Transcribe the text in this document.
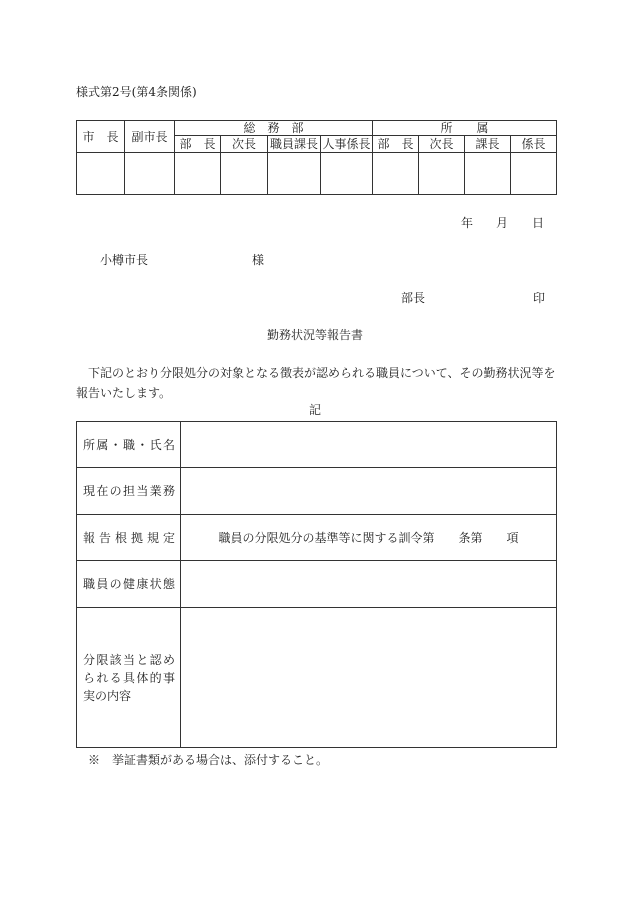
様式第2号(第4条関係)
市　長	副市長	総　務　部				所　　属			
		部　長	次長	職員課長	人事係長	部　長	次長	課長	係長

年 月 日
小樽市長	様
部長	印
勤務状況等報告書
下記のとおり分限処分の対象となる徴表が認められる職員について、その勤務状況等を
報告いたします。
記
所属・職・氏名	

現在の担当業務	

報告根拠規定	職員の分限処分の基準等に関する訓令第　　条第　　項

職員の健康状態	

分限該当と認め
られる具体的事
実の内容	

※　挙証書類がある場合は、添付すること。
